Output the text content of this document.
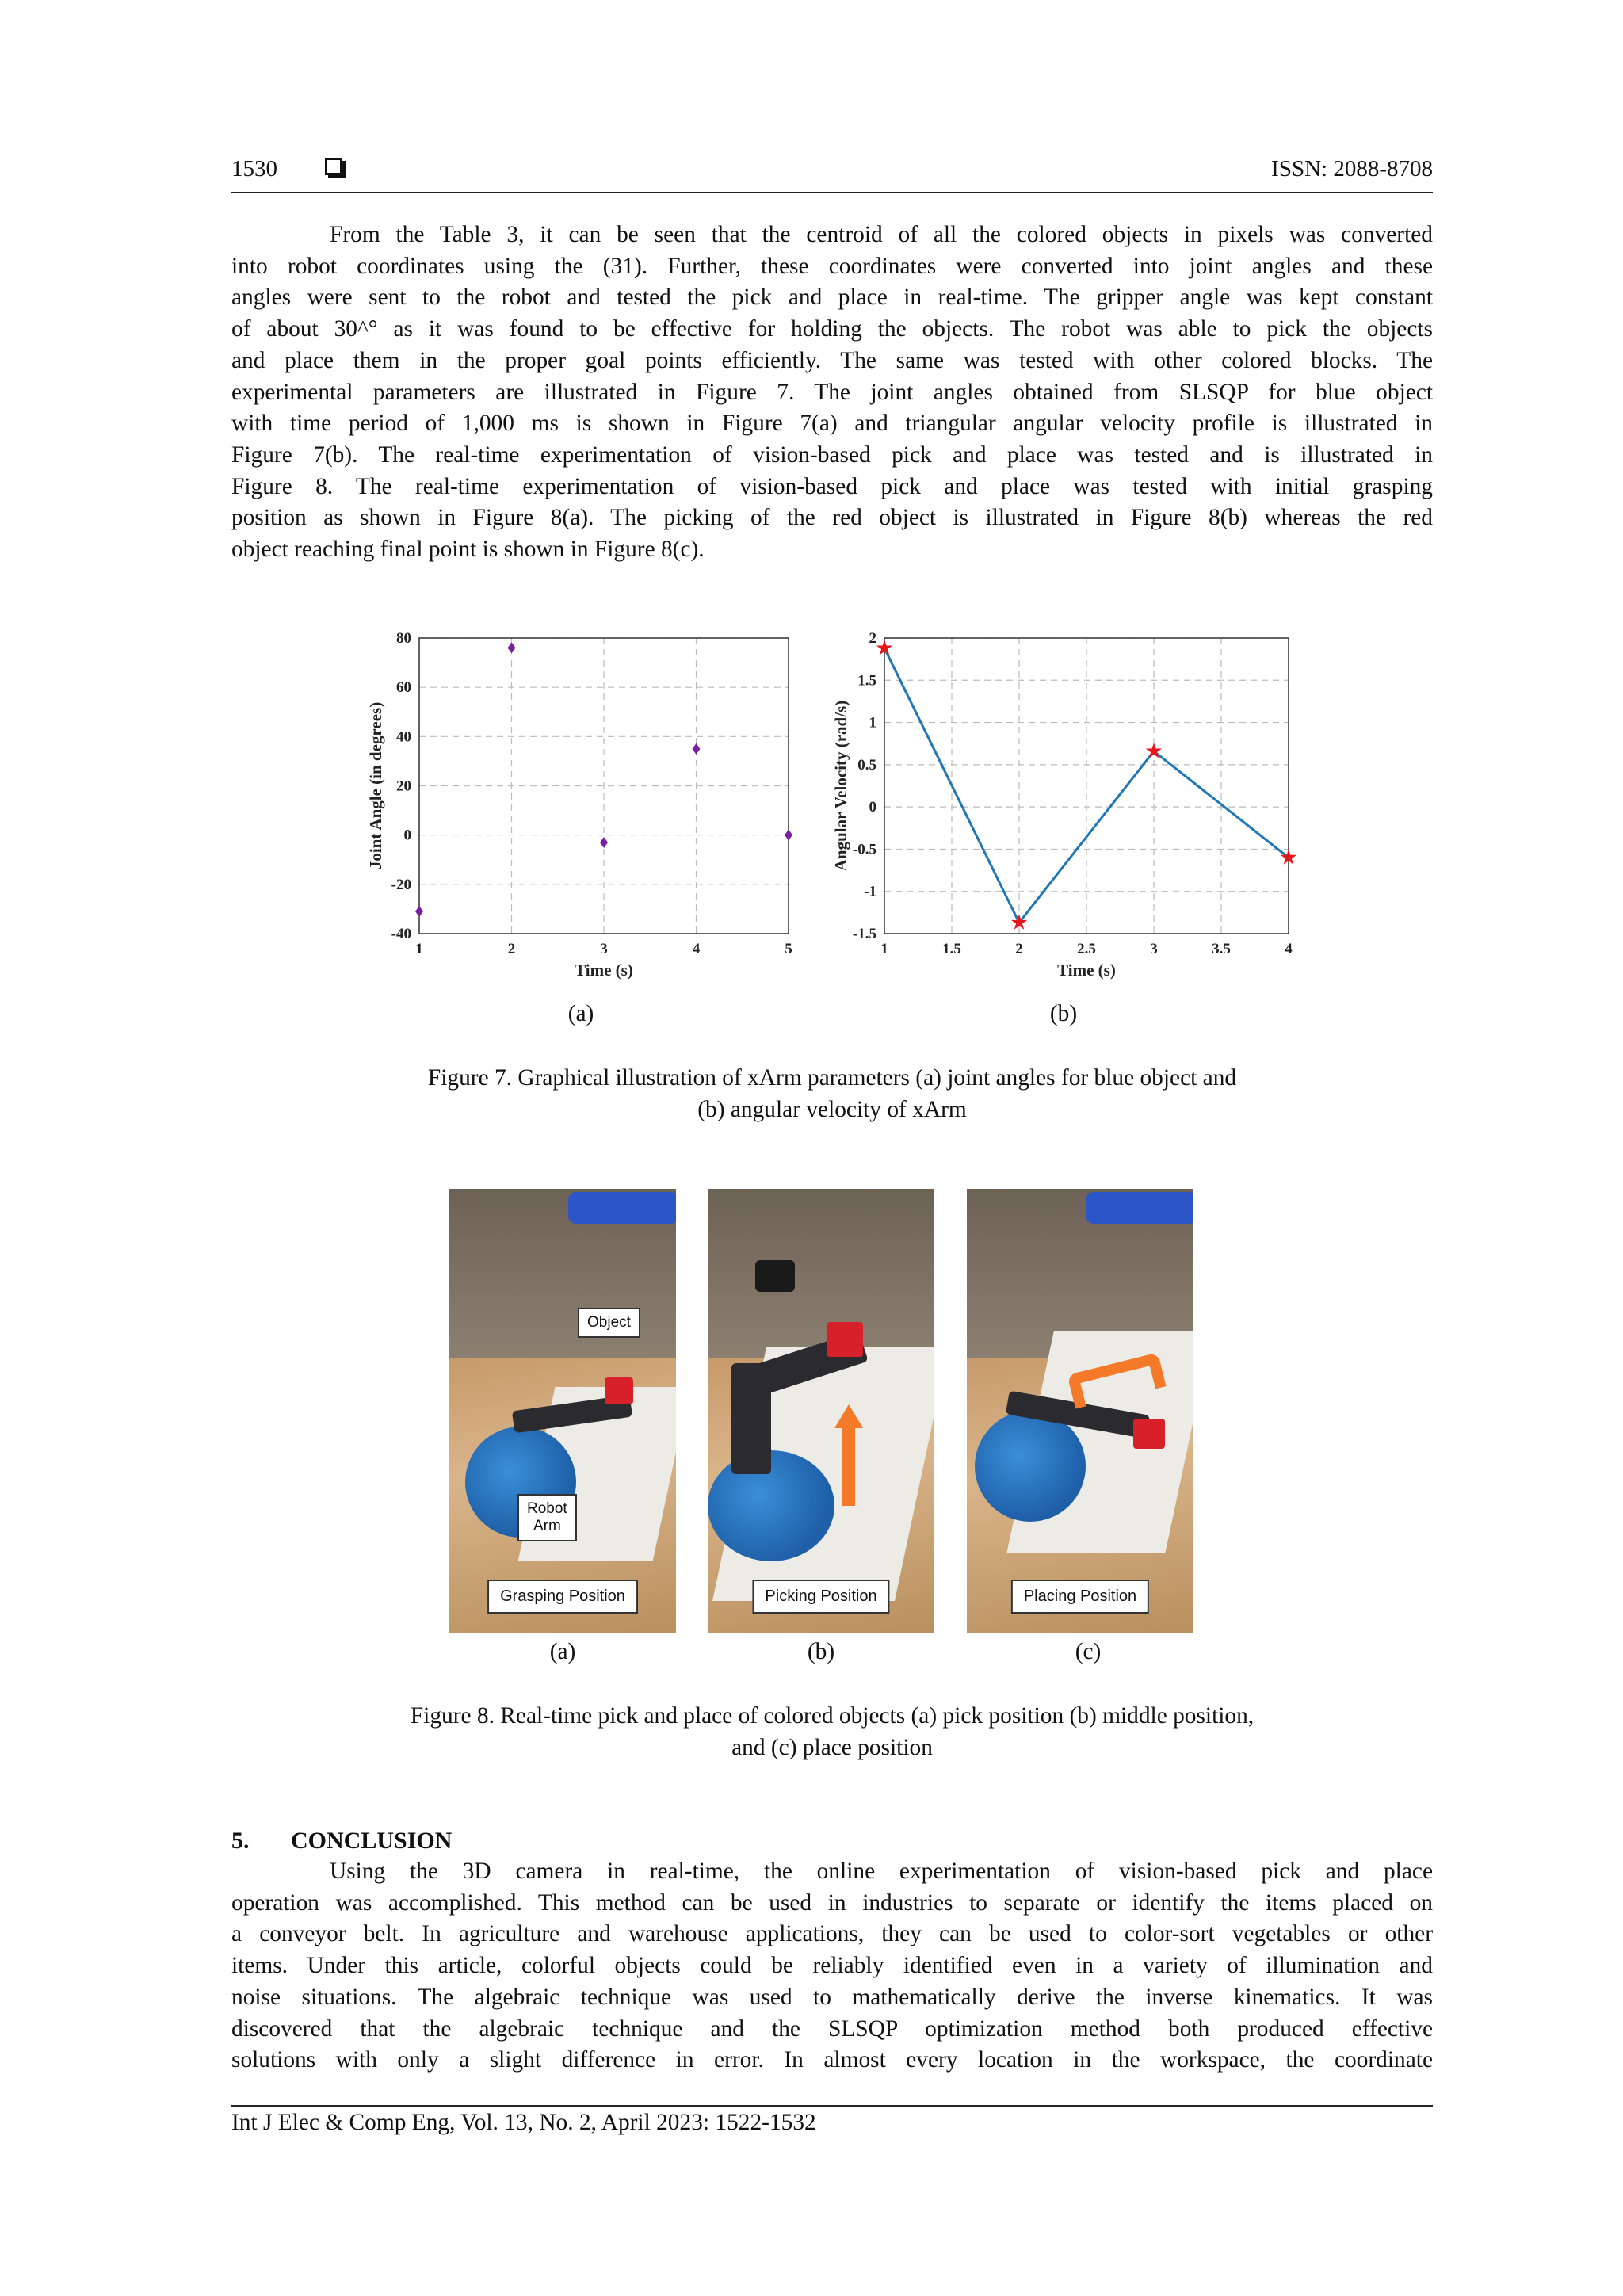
1530	ISSN: 2088-8708
From the Table 3, it can be seen that the centroid of all the colored objects in pixels was converted
into robot coordinates using the (31). Further, these coordinates were converted into joint angles and these
angles were sent to the robot and tested the pick and place in real-time. The gripper angle was kept constant
of about 30^° as it was found to be effective for holding the objects. The robot was able to pick the objects
and place them in the proper goal points efficiently. The same was tested with other colored blocks. The
experimental parameters are illustrated in Figure 7. The joint angles obtained from SLSQP for blue object
with time period of 1,000 ms is shown in Figure 7(a) and triangular angular velocity profile is illustrated in
Figure 7(b). The real-time experimentation of vision-based pick and place was tested and is illustrated in
Figure 8. The real-time experimentation of vision-based pick and place was tested with initial grasping
position as shown in Figure 8(a). The picking of the red object is illustrated in Figure 8(b) whereas the red
object reaching final point is shown in Figure 8(c).
1	2	3	4	5
-40
-20
0
20
40
60
80
Time (s)
Joint Angle (in degrees)
1	1.5	2	2.5	3	3.5	4
-1.5
-1
-0.5
0
0.5
1
1.5
2
Time (s)
Angular Velocity (rad/s)
(a)	(b)
Figure 7. Graphical illustration of xArm parameters (a) joint angles for blue object and
(b) angular velocity of xArm
Object
Robot
Arm
Grasping Position	Picking Position	Placing Position
(a)	(b)	(c)
Figure 8. Real-time pick and place of colored objects (a) pick position (b) middle position,
and (c) place position
5. CONCLUSION
Using the 3D camera in real-time, the online experimentation of vision-based pick and place
operation was accomplished. This method can be used in industries to separate or identify the items placed on
a conveyor belt. In agriculture and warehouse applications, they can be used to color-sort vegetables or other
items. Under this article, colorful objects could be reliably identified even in a variety of illumination and
noise situations. The algebraic technique was used to mathematically derive the inverse kinematics. It was
discovered that the algebraic technique and the SLSQP optimization method both produced effective
solutions with only a slight difference in error. In almost every location in the workspace, the coordinate
Int J Elec & Comp Eng, Vol. 13, No. 2, April 2023: 1522-1532
